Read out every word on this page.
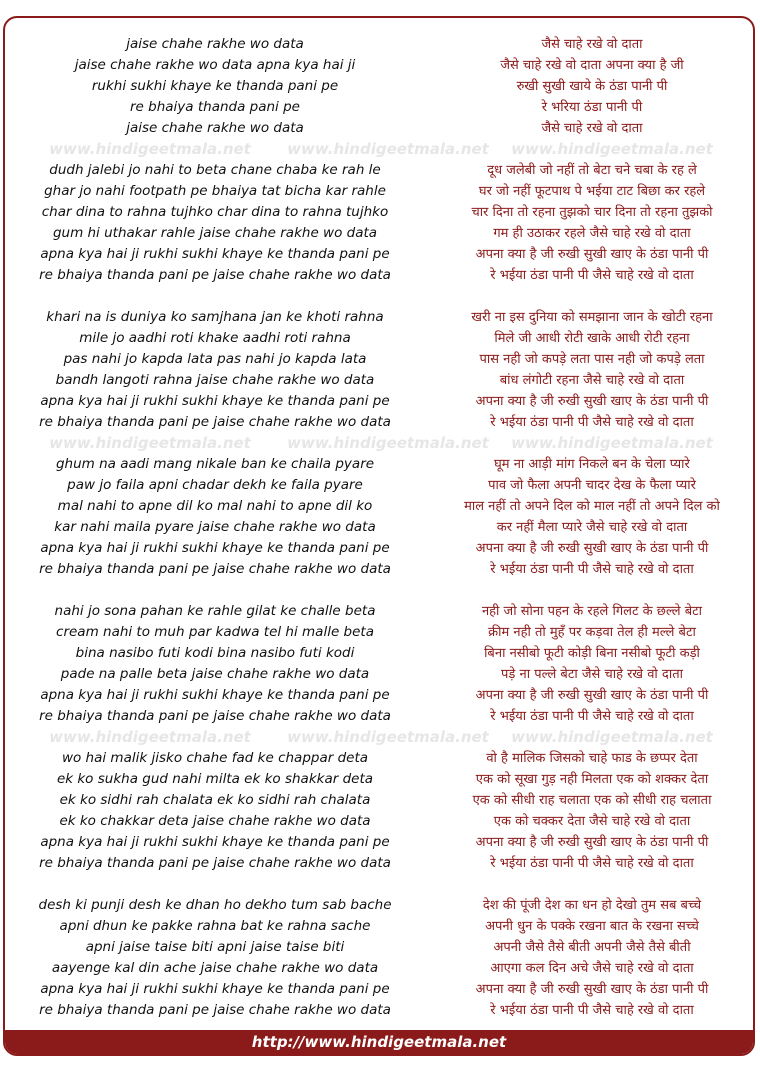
jaise chahe rakhe wo data	जैसे चाहे रखे वो दाता
jaise chahe rakhe wo data apna kya hai ji	जैसे चाहे रखे वो दाता अपना क्या है जी
rukhi sukhi khaye ke thanda pani pe	रुखी सुखी खाये के ठंडा पानी पी
re bhaiya thanda pani pe	रे भरिया ठंडा पानी पी
jaise chahe rakhe wo data	जैसे चाहे रखे वो दाता
www.hindigeetmala.net	www.hindigeetmala.net	www.hindigeetmala.net
dudh jalebi jo nahi to beta chane chaba ke rah le	दूध जलेबी जो नहीं तो बेटा चने चबा के रह ले
ghar jo nahi footpath pe bhaiya tat bicha kar rahle	घर जो नहीं फूटपाथ पे भईया टाट बिछा कर रहले
char dina to rahna tujhko char dina to rahna tujhko	चार दिना तो रहना तुझको चार दिना तो रहना तुझको
gum hi uthakar rahle jaise chahe rakhe wo data	गम ही उठाकर रहले जैसे चाहे रखे वो दाता
apna kya hai ji rukhi sukhi khaye ke thanda pani pe	अपना क्या है जी रुखी सुखी खाए के ठंडा पानी पी
re bhaiya thanda pani pe jaise chahe rakhe wo data	रे भईया ठंडा पानी पी जैसे चाहे रखे वो दाता
khari na is duniya ko samjhana jan ke khoti rahna	खरी ना इस दुनिया को समझाना जान के खोटी रहना
mile jo aadhi roti khake aadhi roti rahna	मिले जी आधी रोटी खाके आधी रोटी रहना
pas nahi jo kapda lata pas nahi jo kapda lata	पास नही जो कपड़े लता पास नही जो कपड़े लता
bandh langoti rahna jaise chahe rakhe wo data	बांध लंगोटी रहना जैसे चाहे रखे वो दाता
apna kya hai ji rukhi sukhi khaye ke thanda pani pe	अपना क्या है जी रुखी सुखी खाए के ठंडा पानी पी
re bhaiya thanda pani pe jaise chahe rakhe wo data	रे भईया ठंडा पानी पी जैसे चाहे रखे वो दाता
www.hindigeetmala.net	www.hindigeetmala.net	www.hindigeetmala.net
ghum na aadi mang nikale ban ke chaila pyare	घूम ना आड़ी मांग निकले बन के चेला प्यारे
paw jo faila apni chadar dekh ke faila pyare	पाव जो फैला अपनी चादर देख के फैला प्यारे
mal nahi to apne dil ko mal nahi to apne dil ko	माल नहीं तो अपने दिल को माल नहीं तो अपने दिल को
kar nahi maila pyare jaise chahe rakhe wo data	कर नहीं मैला प्यारे जैसे चाहे रखे वो दाता
apna kya hai ji rukhi sukhi khaye ke thanda pani pe	अपना क्या है जी रुखी सुखी खाए के ठंडा पानी पी
re bhaiya thanda pani pe jaise chahe rakhe wo data	रे भईया ठंडा पानी पी जैसे चाहे रखे वो दाता
nahi jo sona pahan ke rahle gilat ke challe beta	नही जो सोना पहन के रहले गिलट के छल्ले बेटा
cream nahi to muh par kadwa tel hi malle beta	क्रीम नही तो मुहँ पर कड़वा तेल ही मल्ले बेटा
bina nasibo futi kodi bina nasibo futi kodi	बिना नसीबो फूटी कोड़ी बिना नसीबो फूटी कड़ी
pade na palle beta jaise chahe rakhe wo data	पड़े ना पल्ले बेटा जैसे चाहे रखे वो दाता
apna kya hai ji rukhi sukhi khaye ke thanda pani pe	अपना क्या है जी रुखी सुखी खाए के ठंडा पानी पी
re bhaiya thanda pani pe jaise chahe rakhe wo data	रे भईया ठंडा पानी पी जैसे चाहे रखे वो दाता
www.hindigeetmala.net	www.hindigeetmala.net	www.hindigeetmala.net
wo hai malik jisko chahe fad ke chappar deta	वो है मालिक जिसको चाहे फाड के छप्पर देता
ek ko sukha gud nahi milta ek ko shakkar deta	एक को सूखा गुड़ नही मिलता एक को शक्कर देता
ek ko sidhi rah chalata ek ko sidhi rah chalata	एक को सीधी राह चलाता एक को सीधी राह चलाता
ek ko chakkar deta jaise chahe rakhe wo data	एक को चक्कर देता जैसे चाहे रखे वो दाता
apna kya hai ji rukhi sukhi khaye ke thanda pani pe	अपना क्या है जी रुखी सुखी खाए के ठंडा पानी पी
re bhaiya thanda pani pe jaise chahe rakhe wo data	रे भईया ठंडा पानी पी जैसे चाहे रखे वो दाता
desh ki punji desh ke dhan ho dekho tum sab bache	देश की पूंजी देश का धन हो देखो तुम सब बच्चे
apni dhun ke pakke rahna bat ke rahna sache	अपनी धुन के पक्के रखना बात के रखना सच्चे
apni jaise taise biti apni jaise taise biti	अपनी जैसे तैसे बीती अपनी जैसे तैसे बीती
aayenge kal din ache jaise chahe rakhe wo data	आएगा कल दिन अचे जैसे चाहे रखे वो दाता
apna kya hai ji rukhi sukhi khaye ke thanda pani pe	अपना क्या है जी रुखी सुखी खाए के ठंडा पानी पी
re bhaiya thanda pani pe jaise chahe rakhe wo data	रे भईया ठंडा पानी पी जैसे चाहे रखे वो दाता
http://www.hindigeetmala.net
